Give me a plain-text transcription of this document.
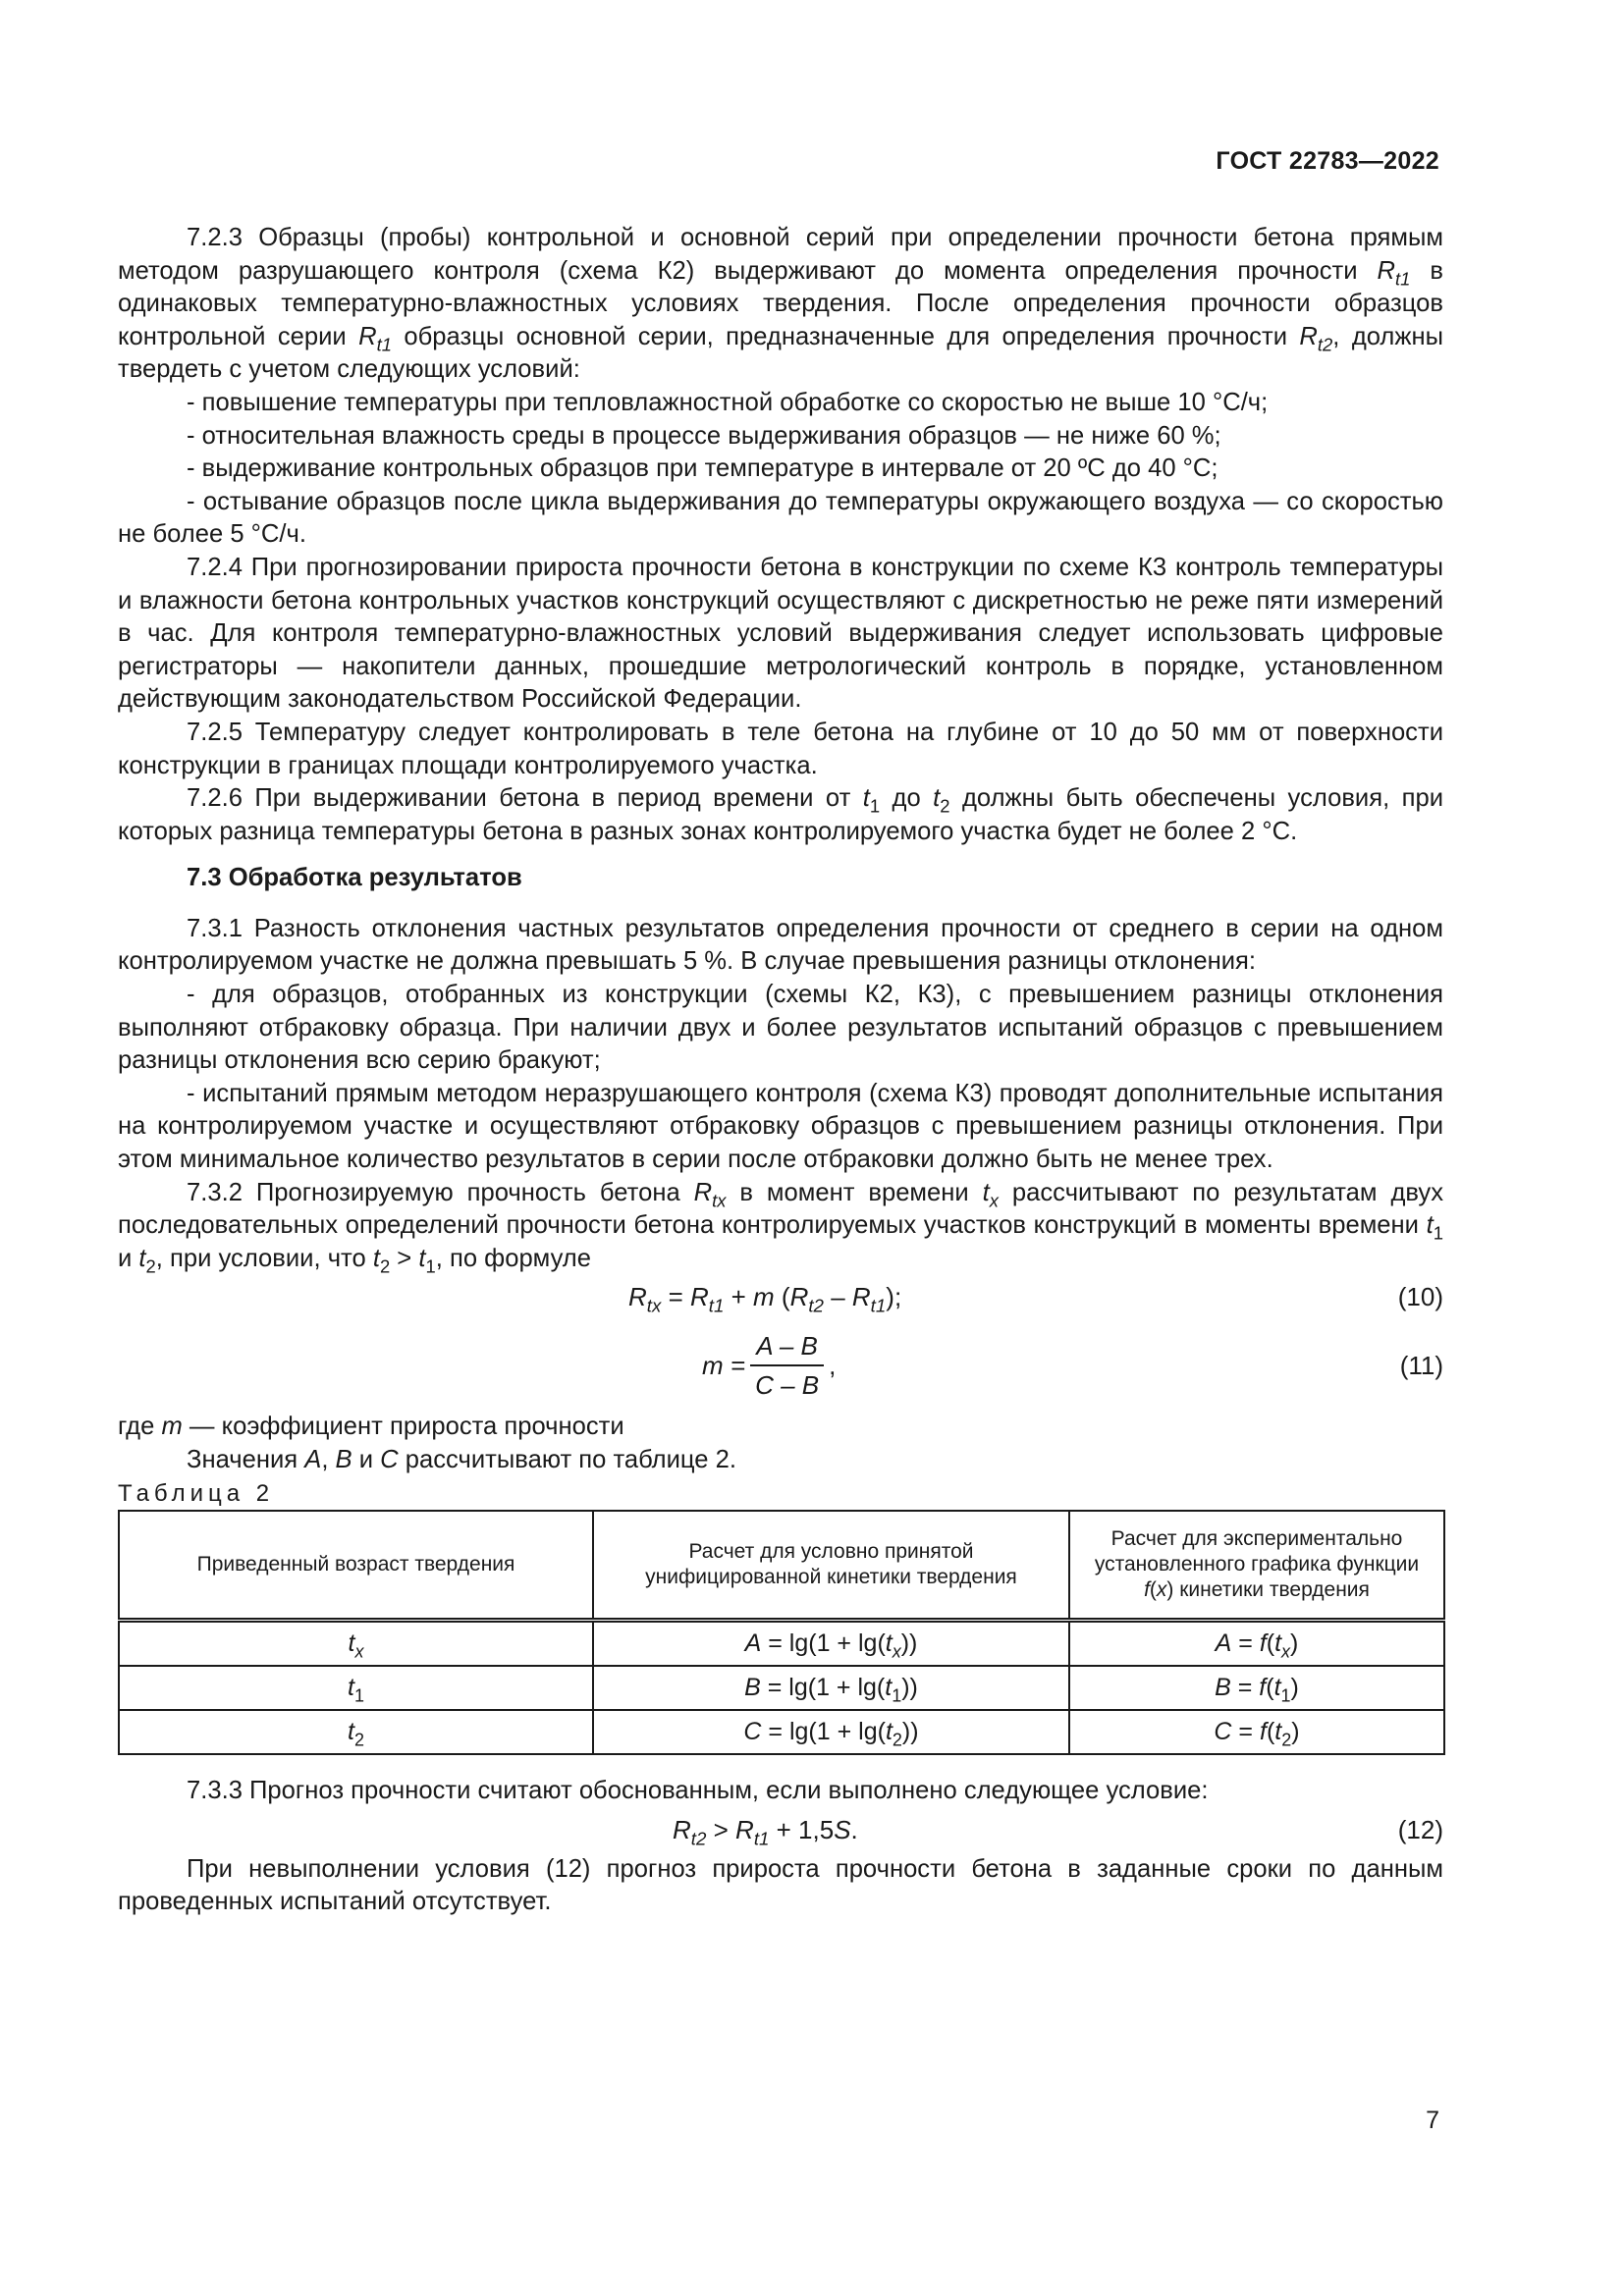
ГОСТ 22783—2022

7.2.3 Образцы (пробы) контрольной и основной серий при определении прочности бетона прямым методом разрушающего контроля (схема К2) выдерживают до момента определения прочности $R_{t1}$ в одинаковых температурно-влажностных условиях твердения. После определения прочности образцов контрольной серии $R_{t1}$ образцы основной серии, предназначенные для определения прочности $R_{t2}$, должны твердеть с учетом следующих условий:

- повышение температуры при тепловлажностной обработке со скоростью не выше 10 °С/ч;

- относительная влажность среды в процессе выдерживания образцов — не ниже 60 %;

- выдерживание контрольных образцов при температуре в интервале от 20 ºС до 40 °С;

- остывание образцов после цикла выдерживания до температуры окружающего воздуха — со скоростью не более 5 °С/ч.

7.2.4 При прогнозировании прироста прочности бетона в конструкции по схеме К3 контроль температуры и влажности бетона контрольных участков конструкций осуществляют с дискретностью не реже пяти измерений в час. Для контроля температурно-влажностных условий выдерживания следует использовать цифровые регистраторы — накопители данных, прошедшие метрологический контроль в порядке, установленном действующим законодательством Российской Федерации.

7.2.5 Температуру следует контролировать в теле бетона на глубине от 10 до 50 мм от поверхности конструкции в границах площади контролируемого участка.

7.2.6 При выдерживании бетона в период времени от $t_1$ до $t_2$ должны быть обеспечены условия, при которых разница температуры бетона в разных зонах контролируемого участка будет не более 2 °С.

7.3 Обработка результатов

7.3.1 Разность отклонения частных результатов определения прочности от среднего в серии на одном контролируемом участке не должна превышать 5 %. В случае превышения разницы отклонения:

- для образцов, отобранных из конструкции (схемы К2, К3), с превышением разницы отклонения выполняют отбраковку образца. При наличии двух и более результатов испытаний образцов с превышением разницы отклонения всю серию бракуют;

- испытаний прямым методом неразрушающего контроля (схема К3) проводят дополнительные испытания на контролируемом участке и осуществляют отбраковку образцов с превышением разницы отклонения. При этом минимальное количество результатов в серии после отбраковки должно быть не менее трех.

7.3.2 Прогнозируемую прочность бетона $R_{tx}$ в момент времени $t_x$ рассчитывают по результатам двух последовательных определений прочности бетона контролируемых участков конструкций в моменты времени $t_1$ и $t_2$, при условии, что $t_2 > t_1$, по формуле

$R_{tx} = R_{t1} + m$ $(R_{t2} - R_{t1})$;	(10)
$m = \frac{A - B}{C - B}$ ,	(11)

где m — коэффициент прироста прочности

Значения A, B и C рассчитывают по таблице 2.

Таблица 2

Приведенный возраст твердения	Расчет для условно принятой унифицированной кинетики твердения	Расчет для экспериментально установленного графика функции f(x) кинетики твердения
$t_x$	$A = \lg(1 + \lg(t_x))$	$A = f(t_x)$
$t_1$	$B = \lg(1 + \lg(t_1))$	$B = f(t_1)$
$t_2$	$C = \lg(1 + \lg(t_2))$	$C = f(t_2)$

7.3.3 Прогноз прочности считают обоснованным, если выполнено следующее условие:

$R_{t2} > R_{t1} + 1,5S$.	(12)

При невыполнении условия (12) прогноз прироста прочности бетона в заданные сроки по данным проведенных испытаний отсутствует.

7
